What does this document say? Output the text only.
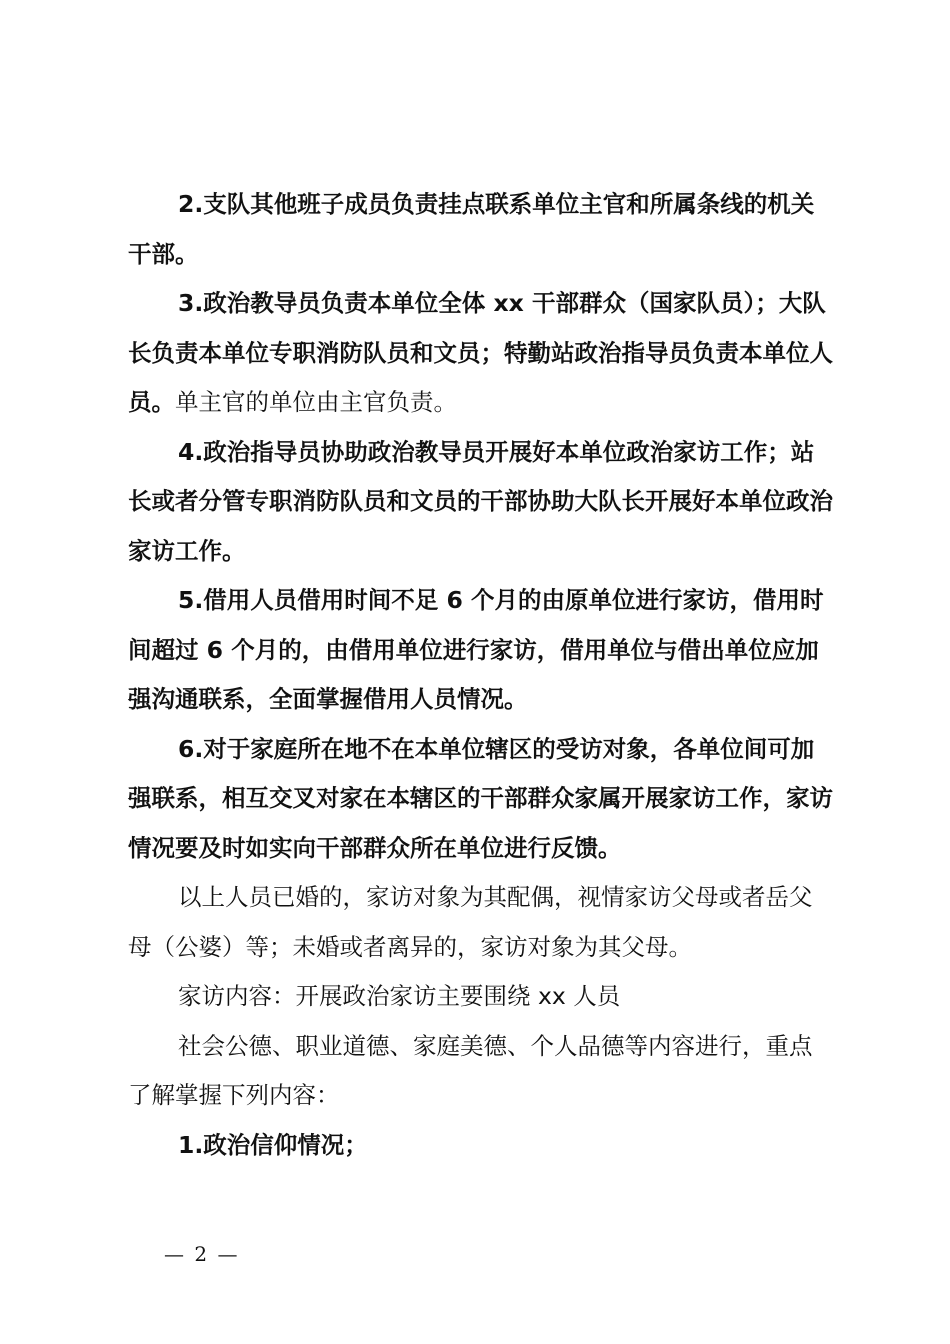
2.支队其他班子成员负责挂点联系单位主官和所属条线的机关干部。

3.政治教导员负责本单位全体 xx 干部群众（国家队员）；大队长负责本单位专职消防队员和文员；特勤站政治指导员负责本单位人员。单主官的单位由主官负责。

4.政治指导员协助政治教导员开展好本单位政治家访工作；站长或者分管专职消防队员和文员的干部协助大队长开展好本单位政治家访工作。

5.借用人员借用时间不足 6 个月的由原单位进行家访，借用时间超过 6 个月的，由借用单位进行家访，借用单位与借出单位应加强沟通联系，全面掌握借用人员情况。

6.对于家庭所在地不在本单位辖区的受访对象，各单位间可加强联系，相互交叉对家在本辖区的干部群众家属开展家访工作，家访情况要及时如实向干部群众所在单位进行反馈。

以上人员已婚的，家访对象为其配偶，视情家访父母或者岳父母（公婆）等；未婚或者离异的，家访对象为其父母。

家访内容：开展政治家访主要围绕 xx 人员

社会公德、职业道德、家庭美德、个人品德等内容进行，重点了解掌握下列内容：

1.政治信仰情况；

— 2 —
